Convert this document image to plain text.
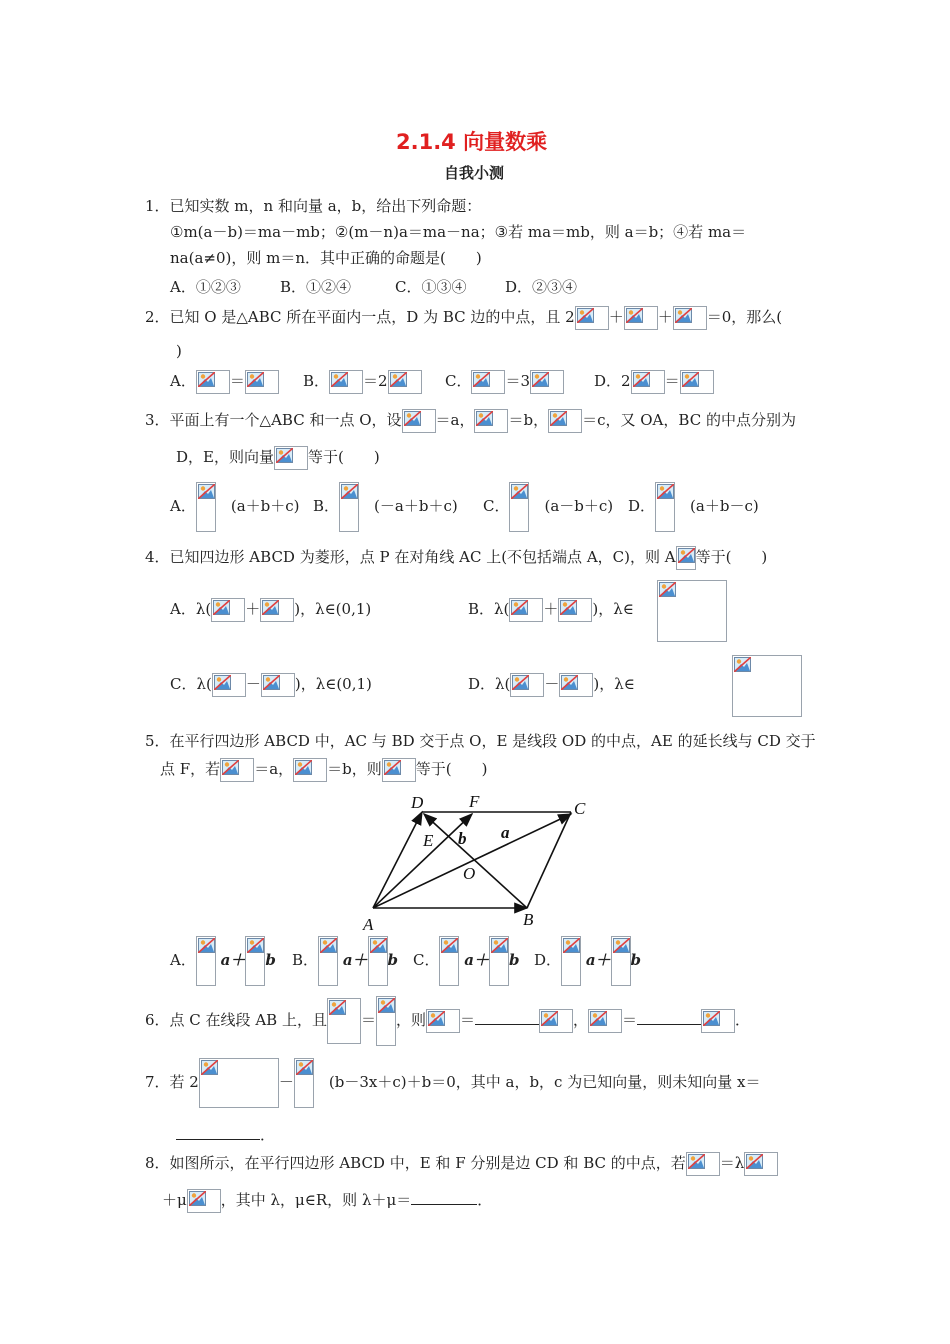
2.1.4 向量数乘
自我小测
1．已知实数 m，n 和向量 a，b，给出下列命题：
①m(a－b)＝ma－mb；②(m－n)a＝ma－na；③若 ma＝mb，则 a＝b；④若 ma＝
na(a≠0)，则 m＝n．其中正确的命题是(　　)
A．①②③	B．①②④	C．①③④	D．②③④
2．已知 O 是△ABC 所在平面内一点，D 为 BC 边的中点，且 2 ＋ ＋ ＝0，那么(
)
A． ＝	B． ＝2	C． ＝3	D．2 ＝
3．平面上有一个△ABC 和一点 O，设 ＝a， ＝b， ＝c，又 OA，BC 的中点分别为
D，E，则向量 等于(　　)
A．
　 (a＋b＋c) B．
　 (－a＋b＋c) C．
　 (a－b＋c) D．
　 (a＋b－c)
4．已知四边形 ABCD 为菱形，点 P 在对角线 AC 上(不包括端点 A，C)，则 A 等于(　　)
A．λ( ＋ )，λ∈(0,1)	B．λ( ＋ )，λ∈

C．λ( － )，λ∈(0,1)	D．λ( － )，λ∈
5．在平行四边形 ABCD 中，AC 与 BD 交于点 O，E 是线段 OD 的中点，AE 的延长线与 CD 交于
点 F，若 ＝a， ＝b，则 等于(　　)
D	F	C
E b a
O
A	B
A． a＋ b B． a＋ b C． a＋ b D． a＋ b
6．点 C 在线段 AB 上，且 ＝ ，则 ＝	， ＝	．
7．若 2	－
　 (b－3x＋c)＋b＝0，其中 a，b，c 为已知向量，则未知向量 x＝
．
8．如图所示，在平行四边形 ABCD 中，E 和 F 分别是边 CD 和 BC 的中点，若 ＝λ
＋μ ，其中 λ，μ∈R，则 λ＋μ＝	．
